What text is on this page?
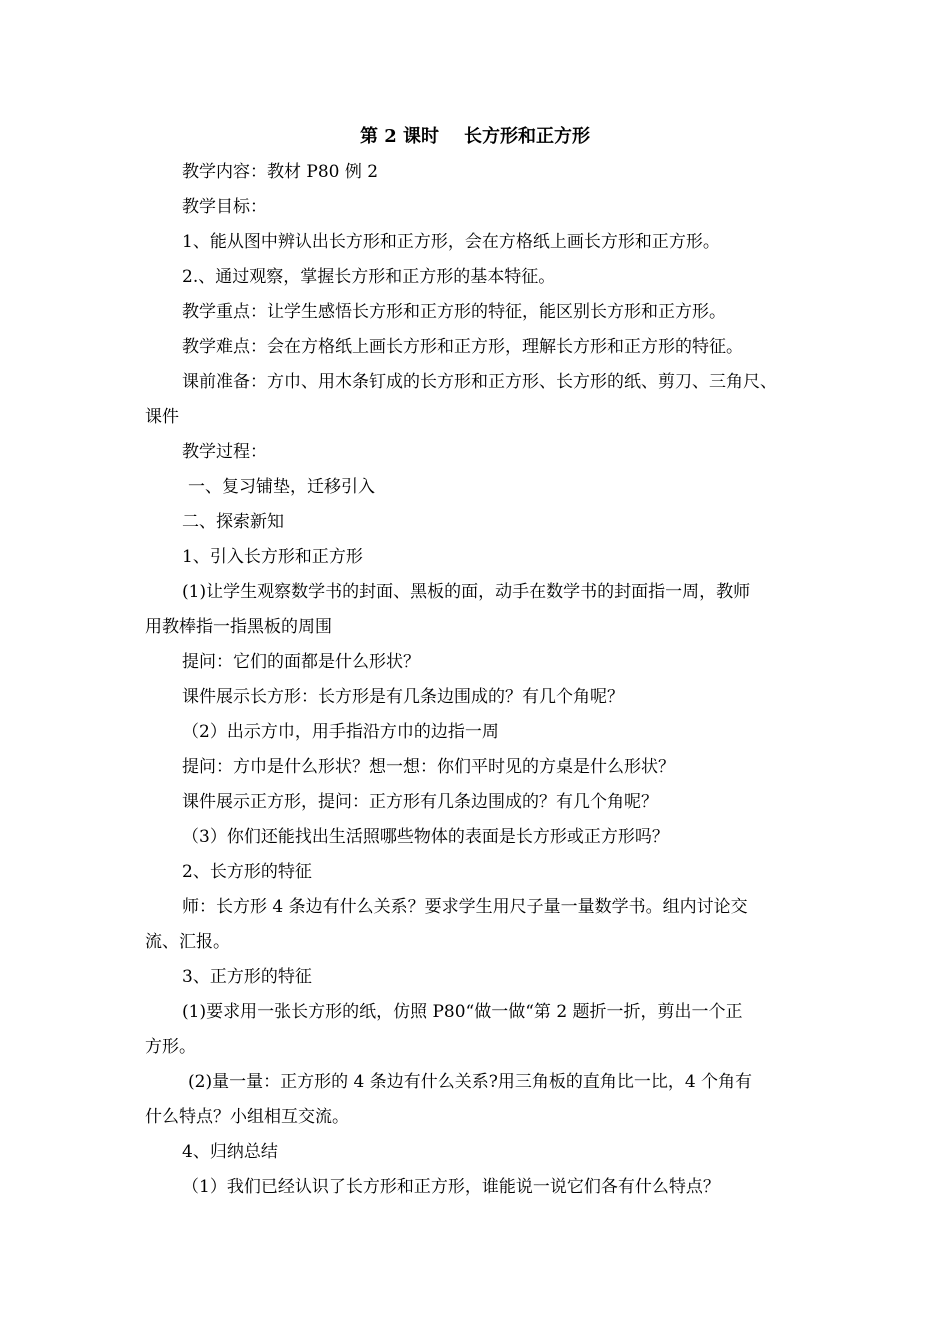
第 2 课时    长方形和正方形
教学内容：教材 P80 例 2
教学目标：
1、能从图中辨认出长方形和正方形，会在方格纸上画长方形和正方形。
2.、通过观察，掌握长方形和正方形的基本特征。
教学重点：让学生感悟长方形和正方形的特征，能区别长方形和正方形。
教学难点：会在方格纸上画长方形和正方形，理解长方形和正方形的特征。
课前准备：方巾、用木条钉成的长方形和正方形、长方形的纸、剪刀、三角尺、
课件
教学过程：
一、复习铺垫，迁移引入
二、探索新知
1、引入长方形和正方形
(1)让学生观察数学书的封面、黑板的面，动手在数学书的封面指一周，教师
用教棒指一指黑板的周围
提问：它们的面都是什么形状？
课件展示长方形：长方形是有几条边围成的？有几个角呢？
（2）出示方巾，用手指沿方巾的边指一周
提问：方巾是什么形状？想一想：你们平时见的方桌是什么形状？
课件展示正方形，提问：正方形有几条边围成的？有几个角呢？
（3）你们还能找出生活照哪些物体的表面是长方形或正方形吗？
2、长方形的特征
师：长方形 4 条边有什么关系？要求学生用尺子量一量数学书。组内讨论交
流、汇报。
3、正方形的特征
(1)要求用一张长方形的纸，仿照 P80“做一做“第 2 题折一折，剪出一个正
方形。
(2)量一量：正方形的 4 条边有什么关系?用三角板的直角比一比，4 个角有
什么特点？小组相互交流。
4、归纳总结
（1）我们已经认识了长方形和正方形，谁能说一说它们各有什么特点？
